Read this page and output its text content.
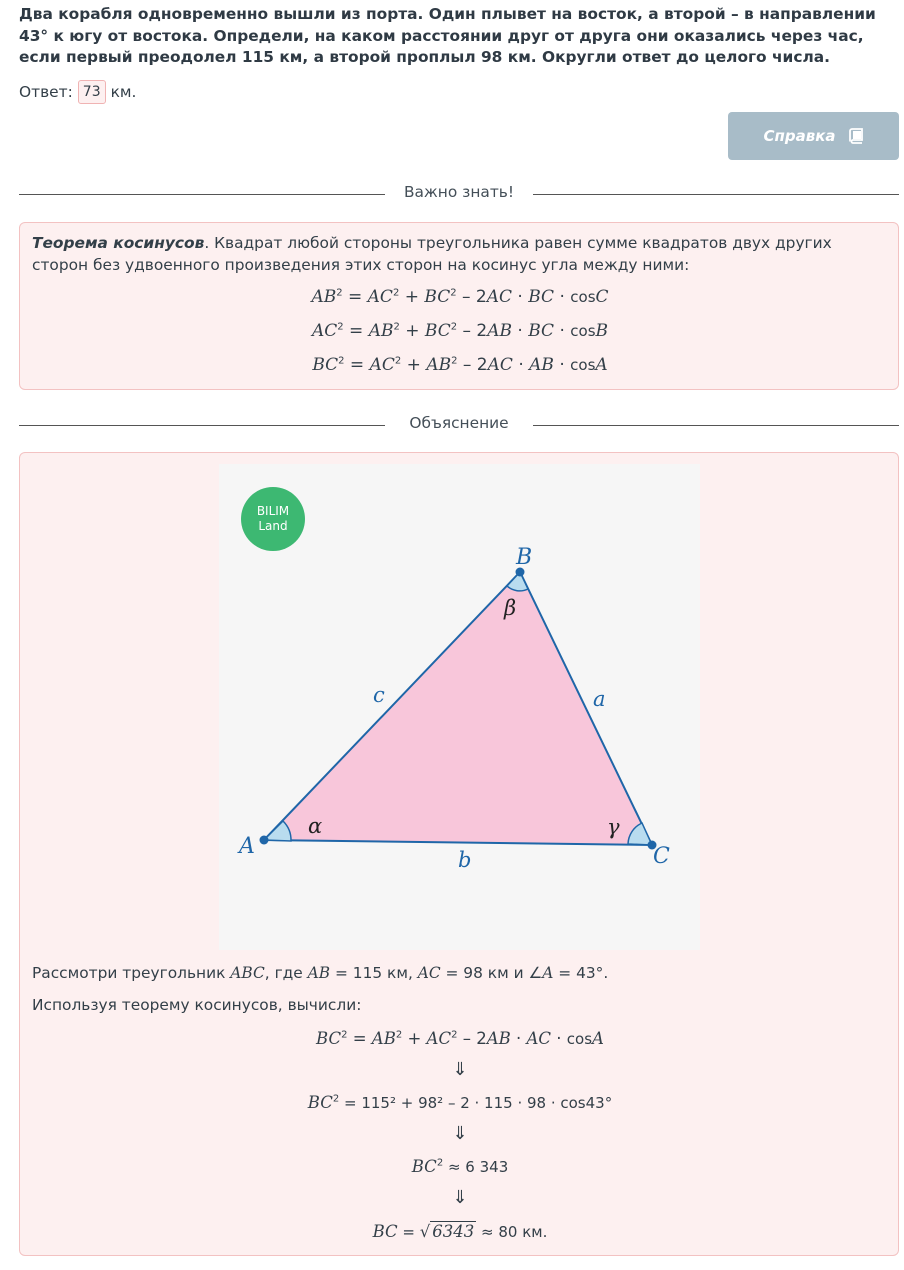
Два корабля одновременно вышли из порта. Один плывет на восток, а второй – в направлении 43° к югу от востока. Определи, на каком расстоянии друг от друга они оказались через час, если первый преодолел 115 км, а второй проплыл 98 км. Округли ответ до целого числа.
Ответ: 73 км.
Справка
Важно знать!
Теорема косинусов. Квадрат любой стороны треугольника равен сумме квадратов двух других сторон без удвоенного произведения этих сторон на косинус угла между ними:
$AB^2 = AC^2 + BC^2 - 2AC$ · BC · cosC
$AC^2 = AB^2 + BC^2 - 2AB$ · BC · cosB
$BC^2 = AC^2 + AB^2 - 2AC$ · AB · cosA
Объяснение
BILIM
Land
A
B
C
a
b
c
α
β
γ
Рассмотри треугольник ABC, где AB = 115 км, AC = 98 км и ∠A = 43°.
Используя теорему косинусов, вычисли:
$BC^2 = AB^2 + AC^2 - 2AB$ · AC · cosA
⇓
$BC^2 = 115^2 + 98^2 - 2 \cdot 115 \cdot 98 \cdot \cos 43^\circ$
⇓
$BC^2 \approx 6$ 343
⇓
BC = √ 6343 ≈ 80 км.
